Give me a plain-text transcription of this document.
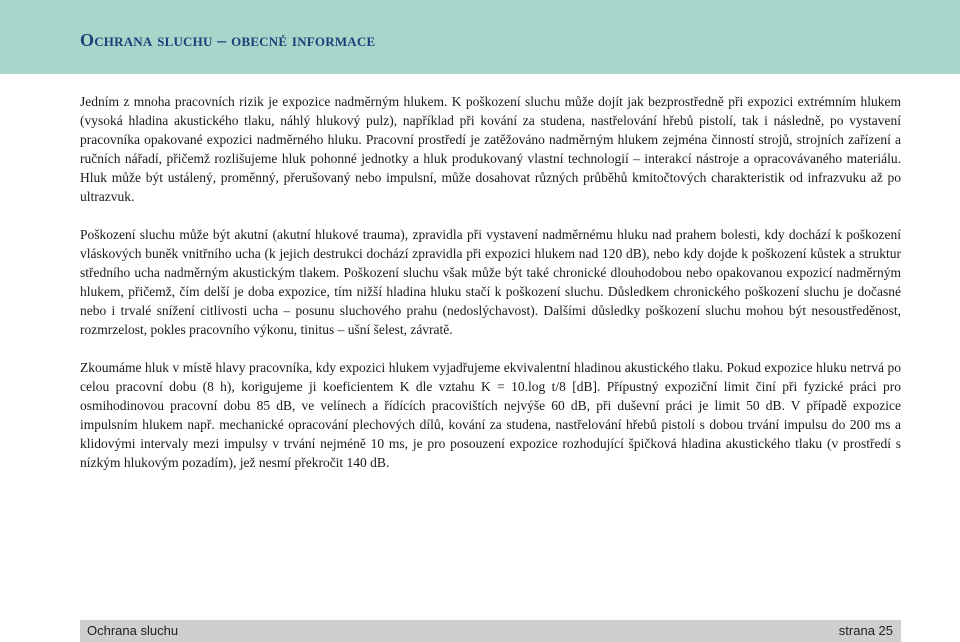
Ochrana sluchu – obecné informace

Jedním z mnoha pracovních rizik je expozice nadměrným hlukem. K poškození sluchu může dojít jak bezprostředně při expozici extrémním hlukem (vysoká hladina akustického tlaku, náhlý hlukový pulz), například při kování za studena, nastřelování hřebů pistolí, tak i následně, po vystavení pracovníka opakované expozici nadměrného hluku. Pracovní prostředí je zatěžováno nadměrným hlukem zejména činností strojů, strojních zařízení a ručních nářadí, přičemž rozlišujeme hluk pohonné jednotky a hluk produkovaný vlastní technologií – interakcí nástroje a opracovávaného materiálu. Hluk může být ustálený, proměnný, přerušovaný nebo impulsní, může dosahovat různých průběhů kmitočtových charakteristik od infrazvuku až po ultrazvuk.

Poškození sluchu může být akutní (akutní hlukové trauma), zpravidla při vystavení nadměrnému hluku nad prahem bolesti, kdy dochází k poškození vláskových buněk vnitřního ucha (k jejich destrukci dochází zpravidla při expozici hlukem nad 120 dB), nebo kdy dojde k poškození kůstek a struktur středního ucha nadměrným akustickým tlakem. Poškození sluchu však může být také chronické dlouhodobou nebo opakovanou expozicí nadměrným hlukem, přičemž, čím delší je doba expozice, tím nižší hladina hluku stačí k poškození sluchu. Důsledkem chronického poškození sluchu je dočasné nebo i trvalé snížení citlivosti ucha – posunu sluchového prahu (nedoslýchavost). Dalšími důsledky poškození sluchu mohou být nesoustředěnost, rozmrzelost, pokles pracovního výkonu, tinitus – ušní šelest, závratě.

Zkoumáme hluk v místě hlavy pracovníka, kdy expozici hlukem vyjadřujeme ekvivalentní hladinou akustického tlaku. Pokud expozice hluku netrvá po celou pracovní dobu (8 h), korigujeme ji koeficientem K dle vztahu K = 10.log t/8 [dB]. Přípustný expoziční limit činí při fyzické práci pro osmihodinovou pracovní dobu 85 dB, ve velínech a řídících pracovištích nejvýše 60 dB, při duševní práci je limit 50 dB. V případě expozice impulsním hlukem např. mechanické opracování plechových dílů, kování za studena, nastřelování hřebů pistolí s dobou trvání impulsu do 200 ms a klidovými intervaly mezi impulsy v trvání nejméně 10 ms, je pro posouzení expozice rozhodující špičková hladina akustického tlaku (v prostředí s nízkým hlukovým pozadím), jež nesmí překročit 140 dB.

Ochrana sluchu	strana 25
